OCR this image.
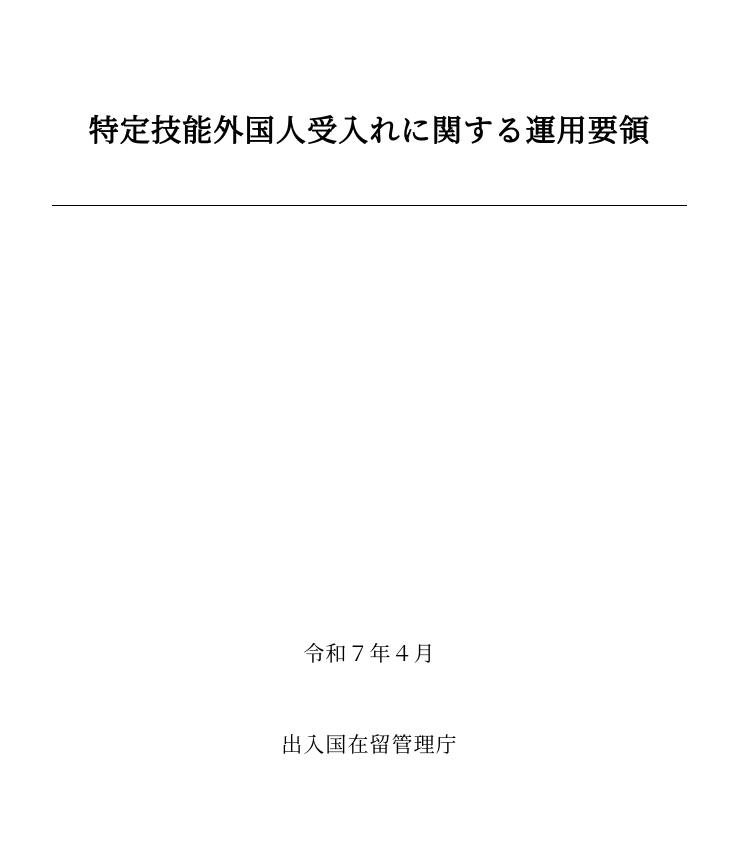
特定技能外国人受入れに関する運用要領

令和７年４月

出入国在留管理庁
